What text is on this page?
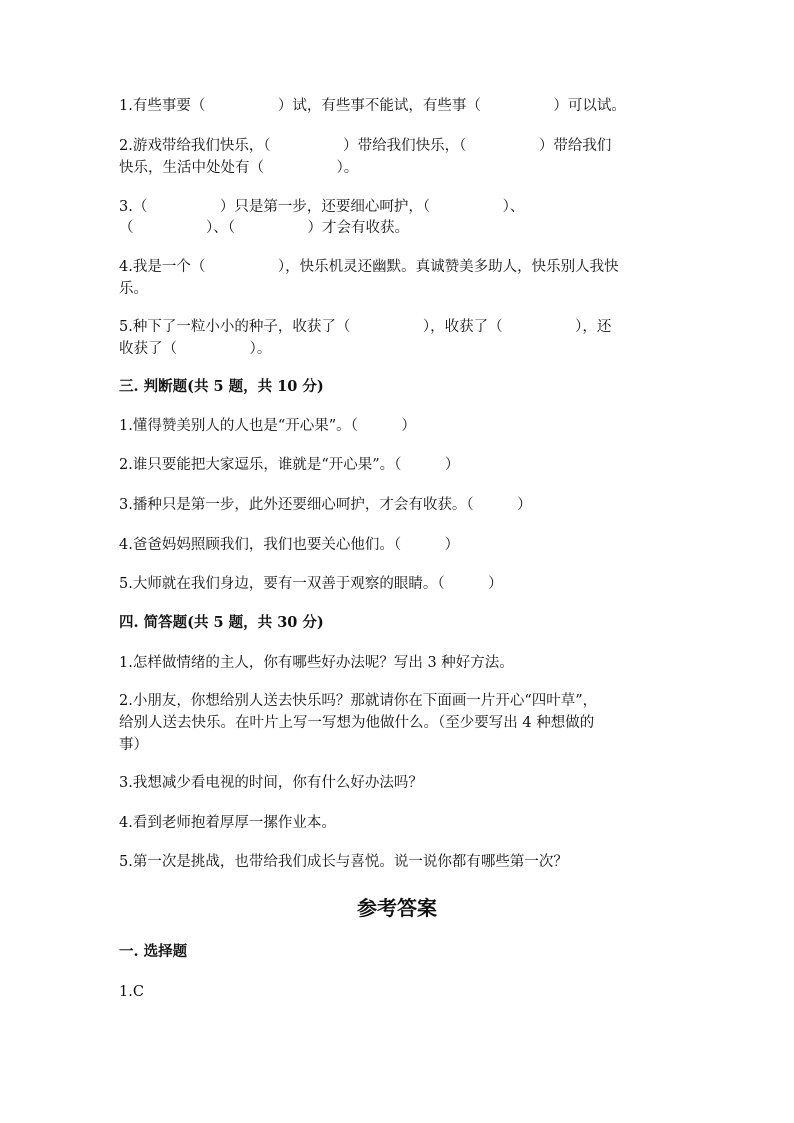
1.有些事要（　　　　　）试，有些事不能试，有些事（　　　　　）可以试。
2.游戏带给我们快乐，（　　　　　）带给我们快乐，（　　　　　）带给我们
快乐，生活中处处有（　　　　　）。
3.（　　　　　）只是第一步，还要细心呵护，（　　　　　）、
（　　　　　）、（　　　　　）才会有收获。
4.我是一个（　　　　　），快乐机灵还幽默。真诚赞美多助人，快乐别人我快
乐。
5.种下了一粒小小的种子，收获了（　　　　　），收获了（　　　　　），还
收获了（　　　　　）。
三. 判断题(共 5 题，共 10 分)
1.懂得赞美别人的人也是“开心果”。（　　　）
2.谁只要能把大家逗乐，谁就是“开心果”。（　　　）
3.播种只是第一步，此外还要细心呵护，才会有收获。（　　　）
4.爸爸妈妈照顾我们，我们也要关心他们。（　　　）
5.大师就在我们身边，要有一双善于观察的眼睛。（　　　）
四. 简答题(共 5 题，共 30 分)
1.怎样做情绪的主人，你有哪些好办法呢？写出 3 种好方法。
2.小朋友，你想给别人送去快乐吗？那就请你在下面画一片开心“四叶草”，
给别人送去快乐。在叶片上写一写想为他做什么。（至少要写出 4 种想做的
事）
3.我想减少看电视的时间，你有什么好办法吗？
4.看到老师抱着厚厚一摞作业本。
5.第一次是挑战，也带给我们成长与喜悦。说一说你都有哪些第一次？
参考答案
一. 选择题
1.C
